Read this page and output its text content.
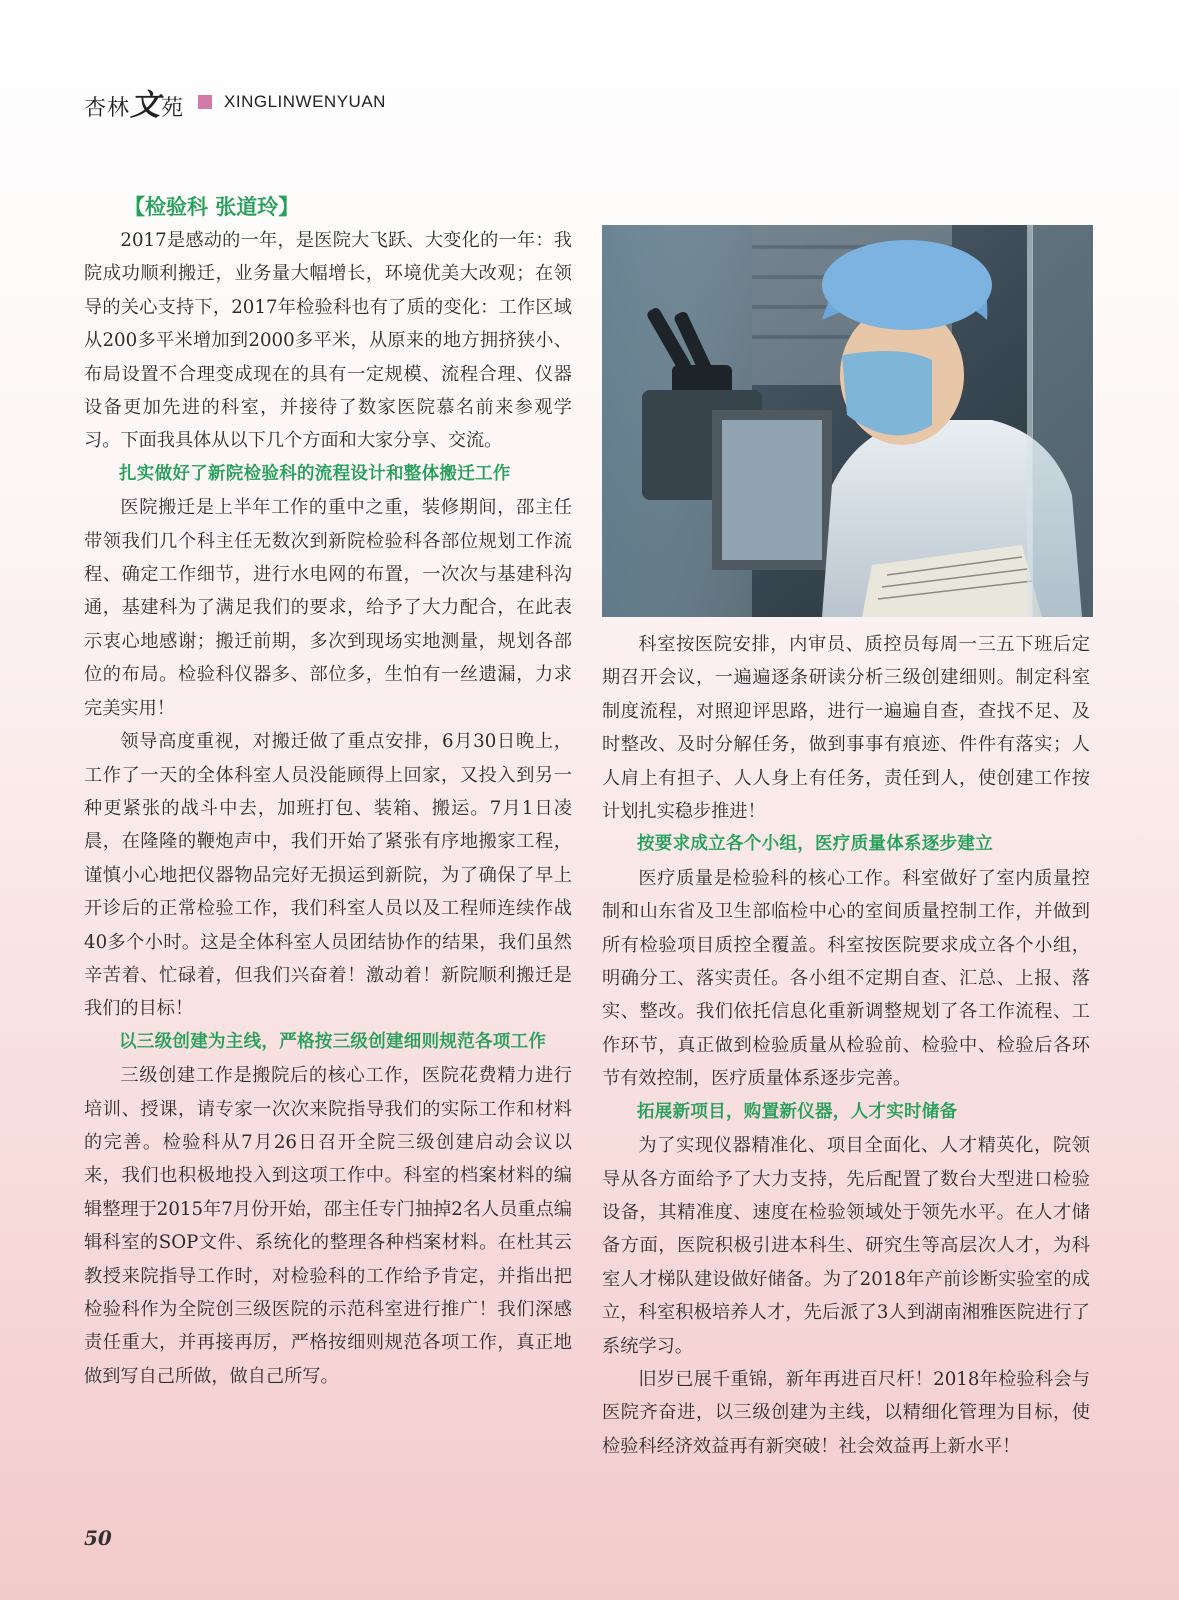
杏林文苑 XINGLINWENYUAN

【检验科 张道玲】

2017是感动的一年，是医院大飞跃、大变化的一年：我院成功顺利搬迁，业务量大幅增长，环境优美大改观；在领导的关心支持下，2017年检验科也有了质的变化：工作区域从200多平米增加到2000多平米，从原来的地方拥挤狭小、布局设置不合理变成现在的具有一定规模、流程合理、仪器设备更加先进的科室，并接待了数家医院慕名前来参观学习。下面我具体从以下几个方面和大家分享、交流。

扎实做好了新院检验科的流程设计和整体搬迁工作

医院搬迁是上半年工作的重中之重，装修期间，邵主任带领我们几个科主任无数次到新院检验科各部位规划工作流程、确定工作细节，进行水电网的布置，一次次与基建科沟通，基建科为了满足我们的要求，给予了大力配合，在此表示衷心地感谢；搬迁前期，多次到现场实地测量，规划各部位的布局。检验科仪器多、部位多，生怕有一丝遗漏，力求完美实用！

领导高度重视，对搬迁做了重点安排，6月30日晚上，工作了一天的全体科室人员没能顾得上回家，又投入到另一种更紧张的战斗中去，加班打包、装箱、搬运。7月1日凌晨，在隆隆的鞭炮声中，我们开始了紧张有序地搬家工程，谨慎小心地把仪器物品完好无损运到新院，为了确保了早上开诊后的正常检验工作，我们科室人员以及工程师连续作战40多个小时。这是全体科室人员团结协作的结果，我们虽然辛苦着、忙碌着，但我们兴奋着！激动着！新院顺利搬迁是我们的目标！

以三级创建为主线，严格按三级创建细则规范各项工作

三级创建工作是搬院后的核心工作，医院花费精力进行培训、授课，请专家一次次来院指导我们的实际工作和材料的完善。检验科从7月26日召开全院三级创建启动会议以来，我们也积极地投入到这项工作中。科室的档案材料的编辑整理于2015年7月份开始，邵主任专门抽掉2名人员重点编辑科室的SOP文件、系统化的整理各种档案材料。在杜其云教授来院指导工作时，对检验科的工作给予肯定，并指出把检验科作为全院创三级医院的示范科室进行推广！我们深感责任重大，并再接再厉，严格按细则规范各项工作，真正地做到写自己所做，做自己所写。

科室按医院安排，内审员、质控员每周一三五下班后定期召开会议，一遍遍逐条研读分析三级创建细则。制定科室制度流程，对照迎评思路，进行一遍遍自查，查找不足、及时整改、及时分解任务，做到事事有痕迹、件件有落实；人人肩上有担子、人人身上有任务，责任到人，使创建工作按计划扎实稳步推进！

按要求成立各个小组，医疗质量体系逐步建立

医疗质量是检验科的核心工作。科室做好了室内质量控制和山东省及卫生部临检中心的室间质量控制工作，并做到所有检验项目质控全覆盖。科室按医院要求成立各个小组，明确分工、落实责任。各小组不定期自查、汇总、上报、落实、整改。我们依托信息化重新调整规划了各工作流程、工作环节，真正做到检验质量从检验前、检验中、检验后各环节有效控制，医疗质量体系逐步完善。

拓展新项目，购置新仪器，人才实时储备

为了实现仪器精准化、项目全面化、人才精英化，院领导从各方面给予了大力支持，先后配置了数台大型进口检验设备，其精准度、速度在检验领域处于领先水平。在人才储备方面，医院积极引进本科生、研究生等高层次人才，为科室人才梯队建设做好储备。为了2018年产前诊断实验室的成立，科室积极培养人才，先后派了3人到湖南湘雅医院进行了系统学习。

旧岁已展千重锦，新年再进百尺杆！2018年检验科会与医院齐奋进，以三级创建为主线，以精细化管理为目标，使检验科经济效益再有新突破！社会效益再上新水平！

50
